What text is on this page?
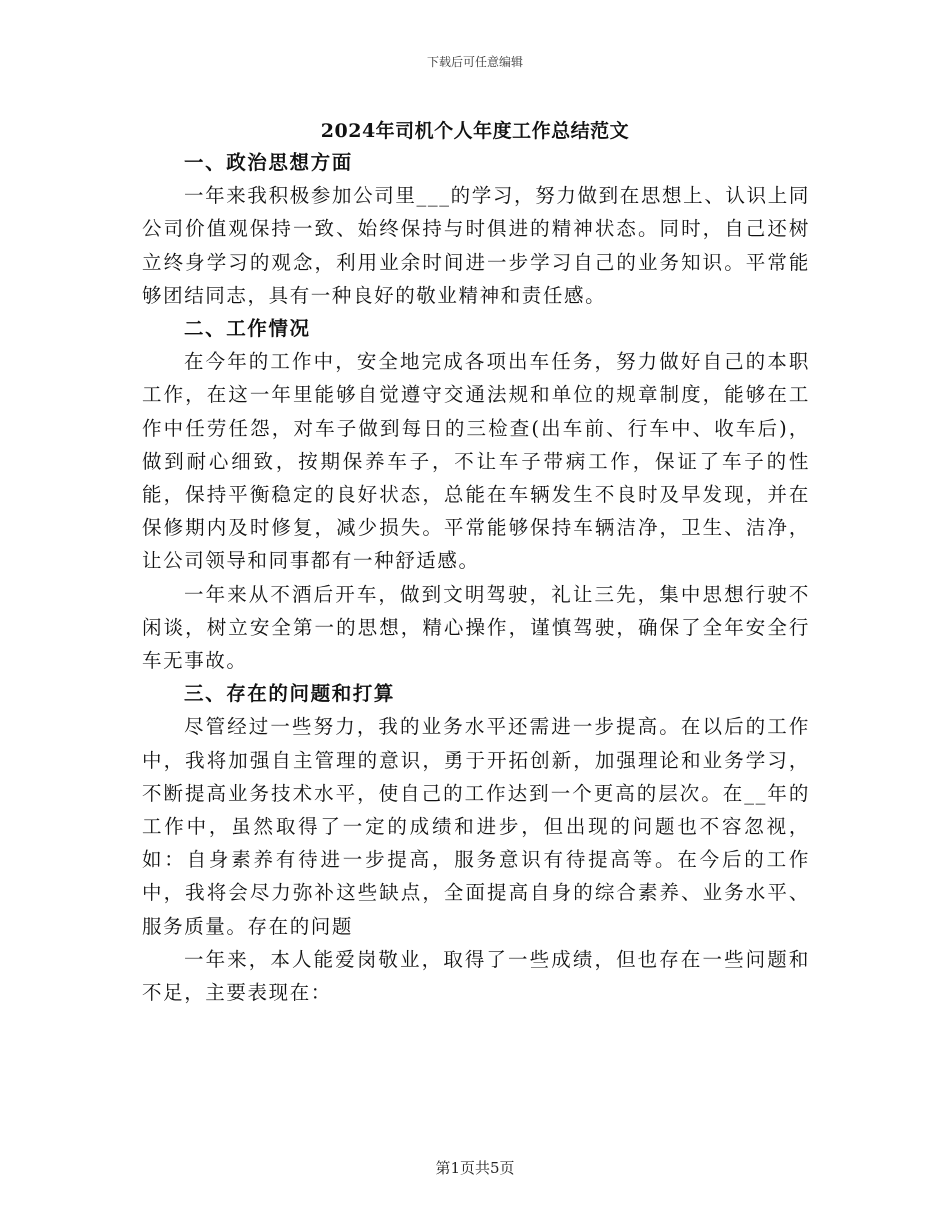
下载后可任意编辑
2024年司机个人年度工作总结范文

一、政治思想方面

一年来我积极参加公司里___的学习，努力做到在思想上、认识上同公司价值观保持一致、始终保持与时俱进的精神状态。同时，自己还树立终身学习的观念，利用业余时间进一步学习自己的业务知识。平常能够团结同志，具有一种良好的敬业精神和责任感。

二、工作情况

在今年的工作中，安全地完成各项出车任务，努力做好自己的本职工作，在这一年里能够自觉遵守交通法规和单位的规章制度，能够在工作中任劳任怨，对车子做到每日的三检查(出车前、行车中、收车后)，做到耐心细致，按期保养车子，不让车子带病工作，保证了车子的性能，保持平衡稳定的良好状态，总能在车辆发生不良时及早发现，并在保修期内及时修复，减少损失。平常能够保持车辆洁净，卫生、洁净，让公司领导和同事都有一种舒适感。

一年来从不酒后开车，做到文明驾驶，礼让三先，集中思想行驶不闲谈，树立安全第一的思想，精心操作，谨慎驾驶，确保了全年安全行车无事故。

三、存在的问题和打算

尽管经过一些努力，我的业务水平还需进一步提高。在以后的工作中，我将加强自主管理的意识，勇于开拓创新，加强理论和业务学习，不断提高业务技术水平，使自己的工作达到一个更高的层次。在__年的工作中，虽然取得了一定的成绩和进步，但出现的问题也不容忽视，如：自身素养有待进一步提高，服务意识有待提高等。在今后的工作中，我将会尽力弥补这些缺点，全面提高自身的综合素养、业务水平、服务质量。存在的问题

一年来，本人能爱岗敬业，取得了一些成绩，但也存在一些问题和不足，主要表现在：

第1页共5页
